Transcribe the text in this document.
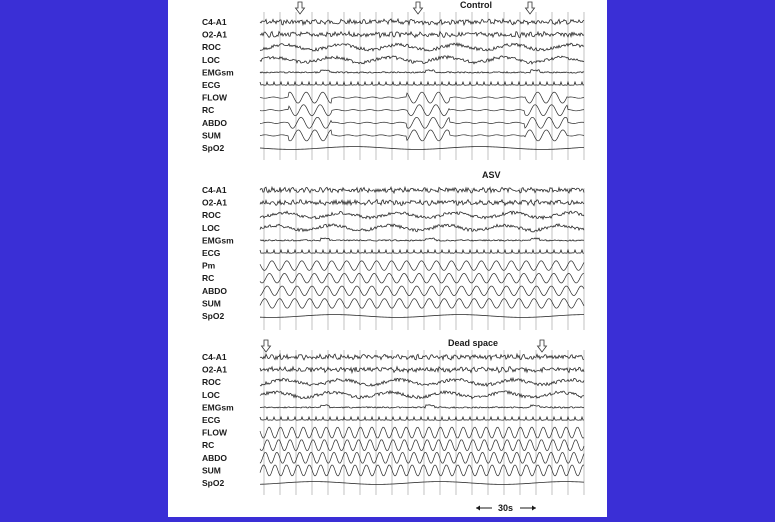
C4-A1
O2-A1
ROC
LOC
EMGsm
ECG
FLOW
RC
ABDO
SUM
SpO2
Control
C4-A1
O2-A1
ROC
LOC
EMGsm
ECG
Pm
RC
ABDO
SUM
SpO2
ASV
C4-A1
O2-A1
ROC
LOC
EMGsm
ECG
FLOW
RC
ABDO
SUM
SpO2
Dead space
30s
